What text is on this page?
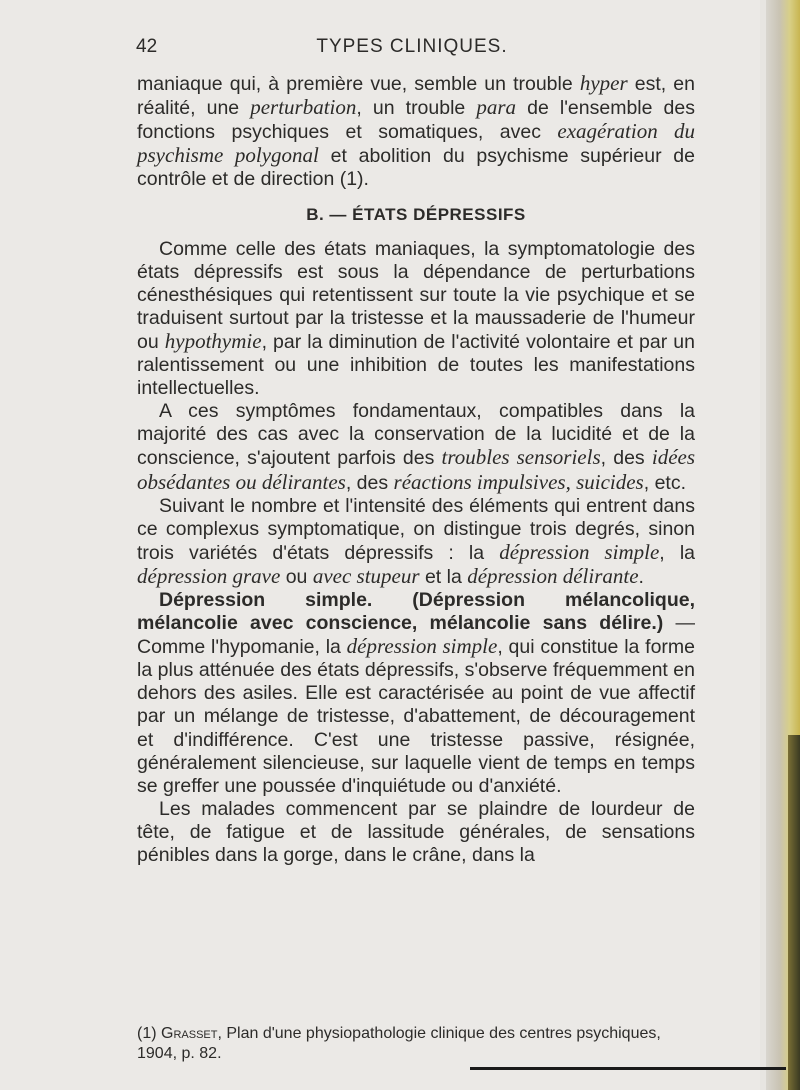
42	TYPES CLINIQUES.

maniaque qui, à première vue, semble un trouble hyper est, en réalité, une perturbation, un trouble para de l'ensemble des fonctions psychiques et somatiques, avec exagération du psychisme polygonal et abolition du psychisme supérieur de contrôle et de direction (1).

B. — ÉTATS DÉPRESSIFS

Comme celle des états maniaques, la symptomatologie des états dépressifs est sous la dépendance de perturbations cénesthésiques qui retentissent sur toute la vie psychique et se traduisent surtout par la tristesse et la maussaderie de l'humeur ou hypothymie, par la diminution de l'activité volontaire et par un ralentissement ou une inhibition de toutes les manifestations intellectuelles.

A ces symptômes fondamentaux, compatibles dans la majorité des cas avec la conservation de la lucidité et de la conscience, s'ajoutent parfois des troubles sensoriels, des idées obsédantes ou délirantes, des réactions impulsives, suicides, etc.

Suivant le nombre et l'intensité des éléments qui entrent dans ce complexus symptomatique, on distingue trois degrés, sinon trois variétés d'états dépressifs : la dépression simple, la dépression grave ou avec stupeur et la dépression délirante.

Dépression simple. (Dépression mélancolique, mélancolie avec conscience, mélancolie sans délire.) — Comme l'hypomanie, la dépression simple, qui constitue la forme la plus atténuée des états dépressifs, s'observe fréquemment en dehors des asiles. Elle est caractérisée au point de vue affectif par un mélange de tristesse, d'abattement, de découragement et d'indifférence. C'est une tristesse passive, résignée, généralement silencieuse, sur laquelle vient de temps en temps se greffer une poussée d'inquiétude ou d'anxiété.

Les malades commencent par se plaindre de lourdeur de tête, de fatigue et de lassitude générales, de sensations pénibles dans la gorge, dans le crâne, dans la

(1) Grasset, Plan d'une physiopathologie clinique des centres psychiques, 1904, p. 82.
